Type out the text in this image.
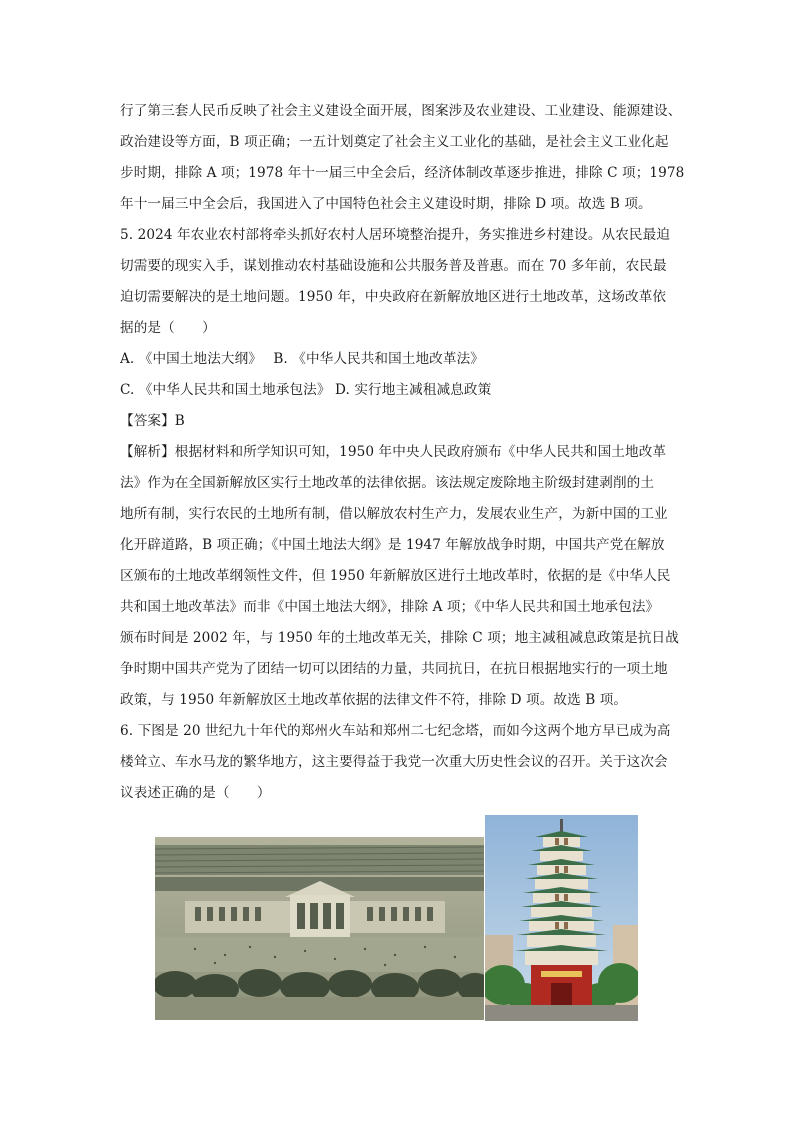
行了第三套人民币反映了社会主义建设全面开展，图案涉及农业建设、工业建设、能源建设、
政治建设等方面，B 项正确；一五计划奠定了社会主义工业化的基础，是社会主义工业化起
步时期，排除 A 项；1978 年十一届三中全会后，经济体制改革逐步推进，排除 C 项；1978
年十一届三中全会后，我国进入了中国特色社会主义建设时期，排除 D 项。故选 B 项。
5. 2024 年农业农村部将牵头抓好农村人居环境整治提升，务实推进乡村建设。从农民最迫
切需要的现实入手，谋划推动农村基础设施和公共服务普及普惠。而在 70 多年前，农民最
迫切需要解决的是土地问题。1950 年，中央政府在新解放地区进行土地改革，这场改革依
据的是（　　）
A. 《中国土地法大纲》　 B. 《中华人民共和国土地改革法》
C. 《中华人民共和国土地承包法》 D. 实行地主减租减息政策
【答案】B
【解析】根据材料和所学知识可知，1950 年中央人民政府颁布《中华人民共和国土地改革
法》作为在全国新解放区实行土地改革的法律依据。该法规定废除地主阶级封建剥削的土
地所有制，实行农民的土地所有制，借以解放农村生产力，发展农业生产，为新中国的工业
化开辟道路，B 项正确；《中国土地法大纲》是 1947 年解放战争时期，中国共产党在解放
区颁布的土地改革纲领性文件，但 1950 年新解放区进行土地改革时，依据的是《中华人民
共和国土地改革法》而非《中国土地法大纲》，排除 A 项；《中华人民共和国土地承包法》
颁布时间是 2002 年，与 1950 年的土地改革无关，排除 C 项；地主减租减息政策是抗日战
争时期中国共产党为了团结一切可以团结的力量，共同抗日，在抗日根据地实行的一项土地
政策，与 1950 年新解放区土地改革依据的法律文件不符，排除 D 项。故选 B 项。
6. 下图是 20 世纪九十年代的郑州火车站和郑州二七纪念塔，而如今这两个地方早已成为高
楼耸立、车水马龙的繁华地方，这主要得益于我党一次重大历史性会议的召开。关于这次会
议表述正确的是（　　）
